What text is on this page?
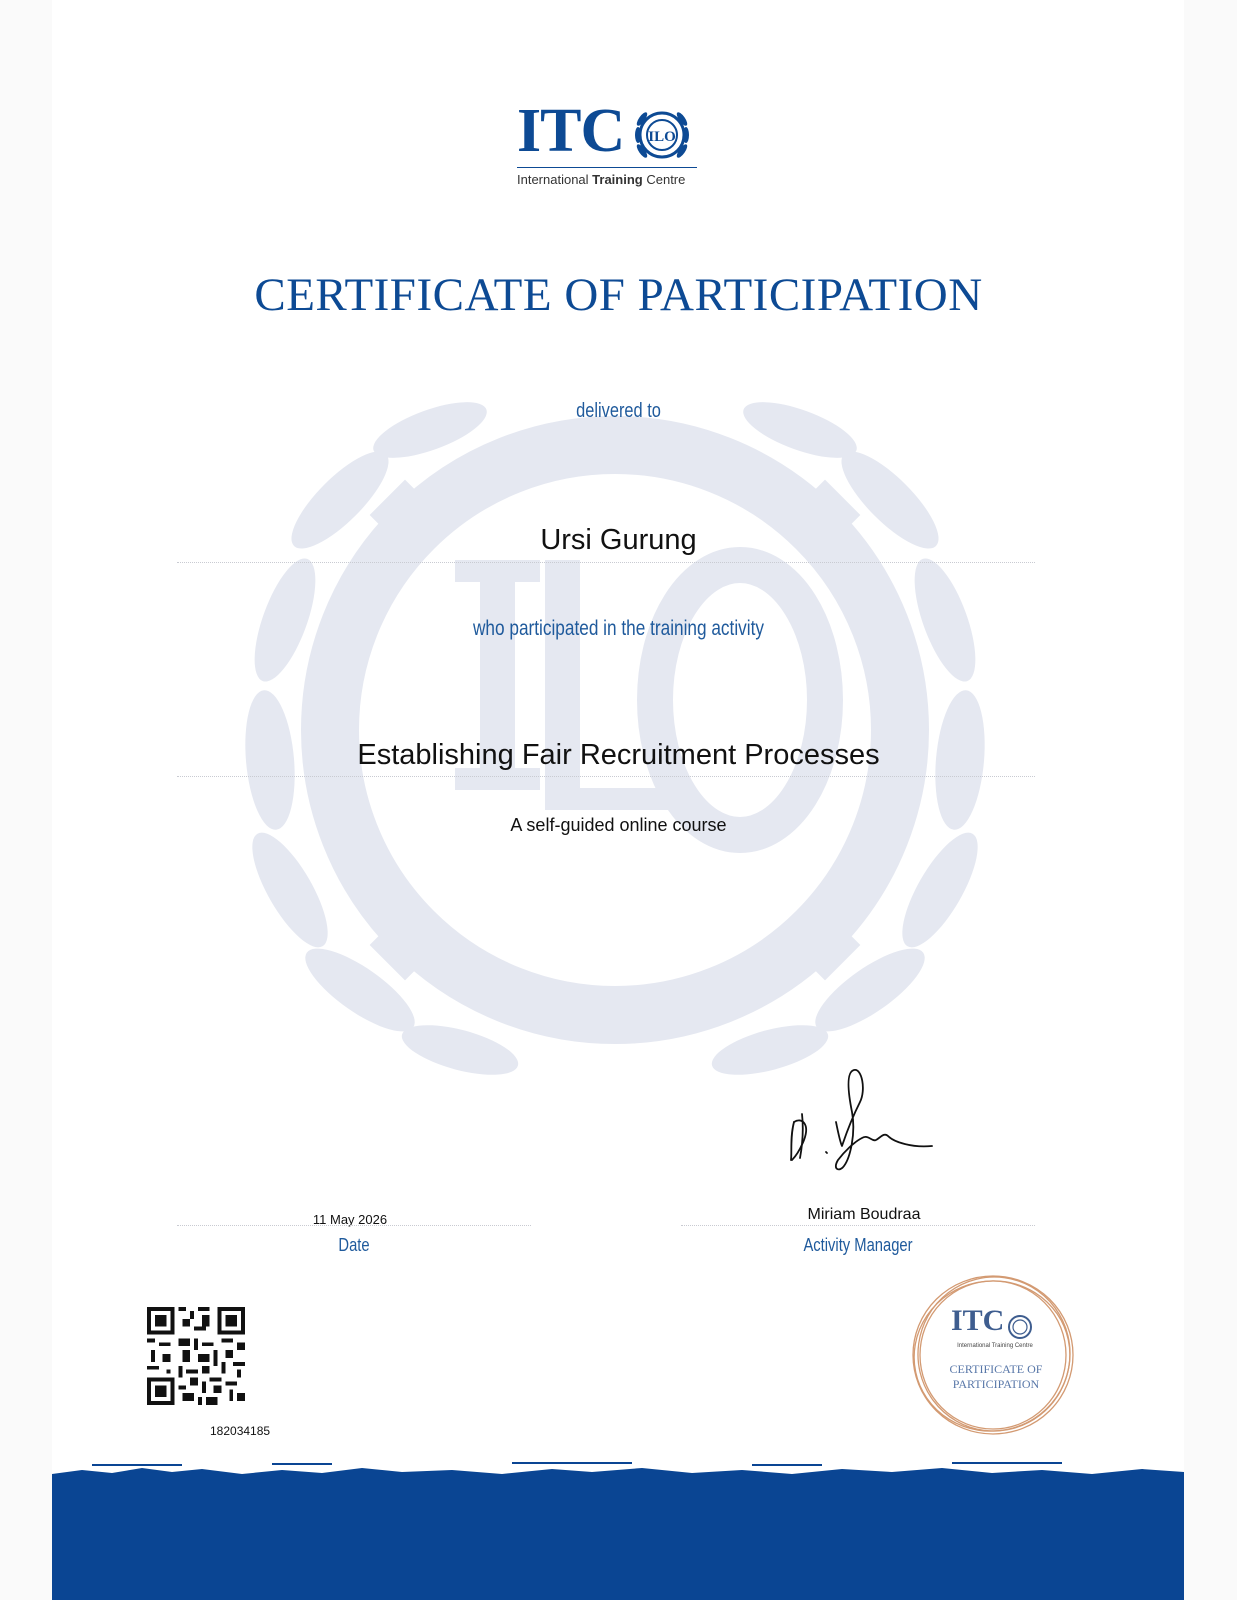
ITC ILO
International Training Centre
CERTIFICATE OF PARTICIPATION
delivered to
Ursi Gurung
who participated in the training activity
Establishing Fair Recruitment Processes
A self-guided online course
11 May 2026
Date
Miriam Boudraa
Activity Manager
182034185
ITC
International Training Centre
CERTIFICATE OF
PARTICIPATION
